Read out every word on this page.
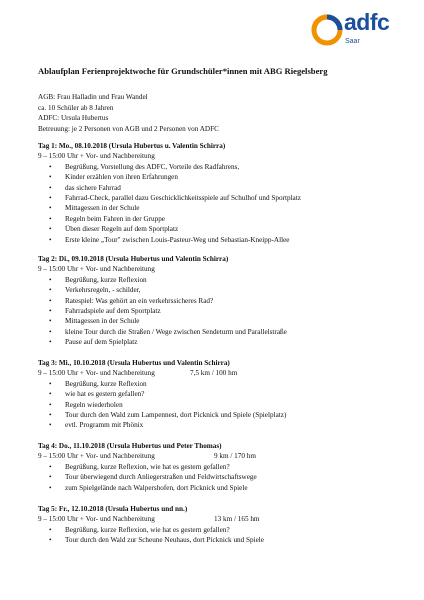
adfc
Saar
Ablaufplan Ferienprojektwoche für Grundschüler*innen mit ABG Riegelsberg
AGB: Frau Halladin und Frau Wandel
ca. 10 Schüler ab 8 Jahren
ADFC: Ursula Hubertus
Betreuung: je 2 Personen von AGB und 2 Personen von ADFC
Tag 1: Mo., 08.10.2018 (Ursula Hubertus u. Valentin Schirra)
9 – 15:00 Uhr + Vor- und Nachbereitung
• Begrüßung, Vorstellung des ADFC, Vorteile des Radfahrens,
• Kinder erzählen von ihren Erfahrungen
• das sichere Fahrrad
• Fahrrad-Check, parallel dazu Geschicklichkeitsspiele auf Schulhof und Sportplatz
• Mittagessen in der Schule
• Regeln beim Fahren in der Gruppe
• Üben dieser Regeln auf dem Sportplatz
• Erste kleine „Tour" zwischen Louis-Pasteur-Weg und Sebastian-Kneipp-Allee
Tag 2: Di., 09.10.2018 (Ursula Hubertus und Valentin Schirra)
9 – 15:00 Uhr + Vor- und Nachbereitung
• Begrüßung, kurze Reflexion
• Verkehrsregeln, - schilder,
• Ratespiel: Was gehört an ein verkehrssicheres Rad?
• Fahrradspiele auf dem Sportplatz
• Mittagessen in der Schule
• kleine Tour durch die Straßen / Wege zwischen Sendeturm und Parallelstraße
• Pause auf dem Spielplatz
Tag 3: Mi., 10.10.2018 (Ursula Hubertus und Valentin Schirra)
9 – 15:00 Uhr + Vor- und Nachbereitung	7,5 km / 100 hm
• Begrüßung, kurze Reflexion
• wie hat es gestern gefallen?
• Regeln wiederholen
• Tour durch den Wald zum Lampennest, dort Picknick und Spiele (Spielplatz)
• evtl. Programm mit Phönix
Tag 4: Do., 11.10.2018 (Ursula Hubertus und Peter Thomas)
9 – 15:00 Uhr + Vor- und Nachbereitung	9 km / 170 hm
• Begrüßung, kurze Reflexion, wie hat es gestern gefallen?
• Tour überwiegend durch Anliegerstraßen und Feldwirtschaftswege
• zum Spielgelände nach Walpershofen, dort Picknick und Spiele
Tag 5: Fr., 12.10.2018 (Ursula Hubertus und nn.)
9 – 15:00 Uhr + Vor- und Nachbereitung	13 km / 165 hm
• Begrüßung, kurze Reflexion, wie hat es gestern gefallen?
• Tour durch den Wald zur Scheune Neuhaus, dort Picknick und Spiele
